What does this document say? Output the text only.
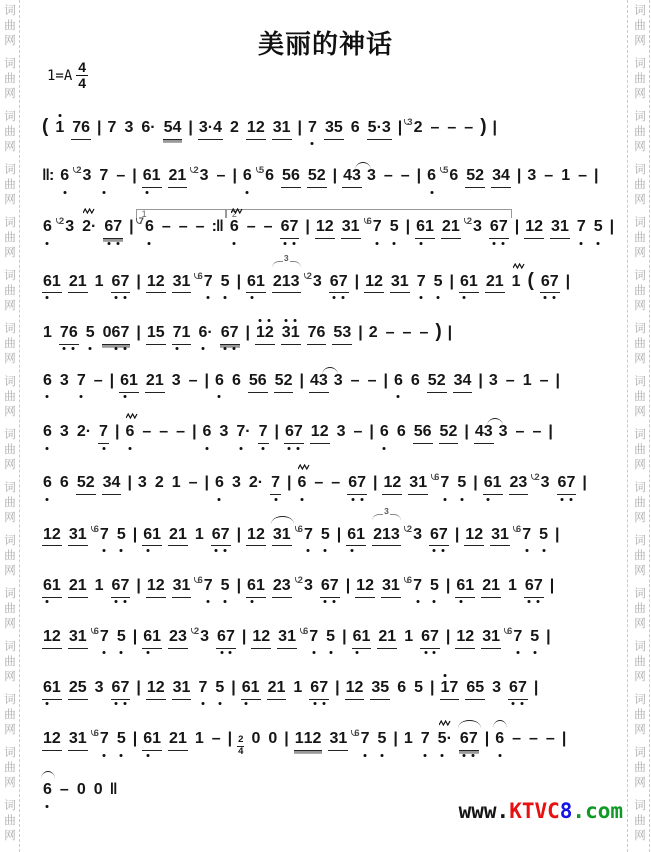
词
曲
网
词
曲
网
词
曲
网
词
曲
网
词
曲
网
词
曲
网
词
曲
网
词
曲
网
词
曲
网
词
曲
网
词
曲
网
词
曲
网
词
曲
网
词
曲
网
词
曲
网
词
曲
网
词
曲
网
词
曲
网
词
曲
网
词
曲
网
词
曲
网
词
曲
网
词
曲
网
词
曲
网
词
曲
网
词
曲
网
词
曲
网
词
曲
网
词
曲
网
词
曲
网
词
曲
网
词
曲
网
美丽的神话
$1=A \frac{4}{4}$
( 1 7 6 | 7 3 6 · 5 4 | 3 · 4 2 1 2 3 1 | 7 3 5 6 5 · 3 | 3 2 – – – ) |
‖: 6 2 3 7 – | 6 1 2 1 2 3 – | 6 5 6 5 6 5 2 | 4 3 3 – – | 6 5 6 5 2 3 4 | 3 – 1 – |
6 2 3 2 · 6 7 |
1
7 6 – – – :‖
2
6 – – 6 7 | 1 2 3 1 6 7 5 | 6 1 2 1 2 3 6 7 | 1 2 3 1 7 5 |
6 1 2 1 1 6 7 | 1 2 3 1 6 7 5 | 6 1 2 1 3
$^3$
2 3 6 7 | 1 2 3 1 7 5 | 6 1 2 1 1 ( 6 7 |
1 7 6 5 0 6 7 | 1 5 7 1 6 · 6 7 | 1 2 3 1 7 6 5 3 | 2 – – – ) |
6 3 7 – | 6 1 2 1 3 – | 6 6 5 6 5 2 | 4 3 3 – – | 6 6 5 2 3 4 | 3 – 1 – |
6 3 2 · 7 | 6 – – – | 6 3 7 · 7 | 6 7 1 2 3 – | 6 6 5 6 5 2 | 4 3 3 – – |
6 6 5 2 3 4 | 3 2 1 – | 6 3 2 · 7 | 6 – – 6 7 | 1 2 3 1 6 7 5 | 6 1 2 3 2 3 6 7 |
1 2 3 1 6 7 5 | 6 1 2 1 1 6 7 | 1 2 3 1 6 7 5 | 6 1 2 1 3
$^3$
2 3 6 7 | 1 2 3 1 6 7 5 |
6 1 2 1 1 6 7 | 1 2 3 1 6 7 5 | 6 1 2 3 2 3 6 7 | 1 2 3 1 6 7 5 | 6 1 2 1 1 6 7 |
1 2 3 1 6 7 5 | 6 1 2 3 2 3 6 7 | 1 2 3 1 6 7 5 | 6 1 2 1 1 6 7 | 1 2 3 1 6 7 5 |
6 1 2 5 3 6 7 | 1 2 3 1 7 5 | 6 1 2 1 1 6 7 | 1 2 3 5 6 5 | 1 7 6 5 3 6 7 |
1 2 3 1 6 7 5 | 6 1 2 1 1 – | 2
4
0 0 | 1 1 2 3 1 6 7 5 | 1 7 5 · 6 7 | 6 – – – |
6 – 0 0 ‖
www.KTVC8.com
